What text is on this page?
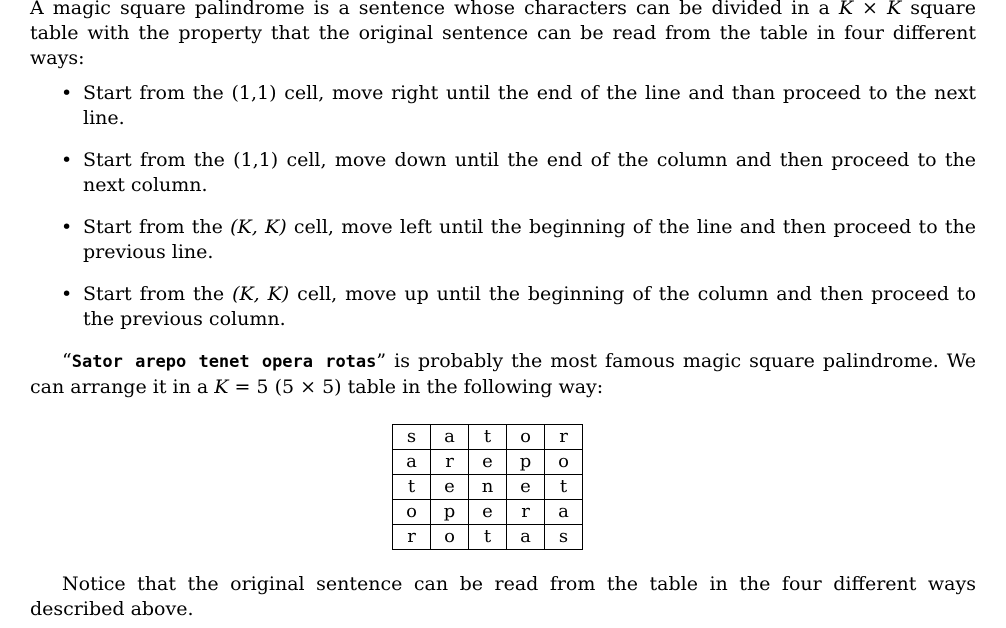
A magic square palindrome is a sentence whose characters can be divided in a K × K square table with the property that the original sentence can be read from the table in four different ways:

• Start from the (1,1) cell, move right until the end of the line and than proceed to the next line.
• Start from the (1,1) cell, move down until the end of the column and then proceed to the next column.
• Start from the (K, K) cell, move left until the beginning of the line and then proceed to the previous line.
• Start from the (K, K) cell, move up until the beginning of the column and then proceed to the previous column.

“Sator arepo tenet opera rotas” is probably the most famous magic square palindrome. We can arrange it in a K = 5 (5 × 5) table in the following way:

s	a	t	o	r
a	r	e	p	o
t	e	n	e	t
o	p	e	r	a
r	o	t	a	s

Notice that the original sentence can be read from the table in the four different ways described above.
